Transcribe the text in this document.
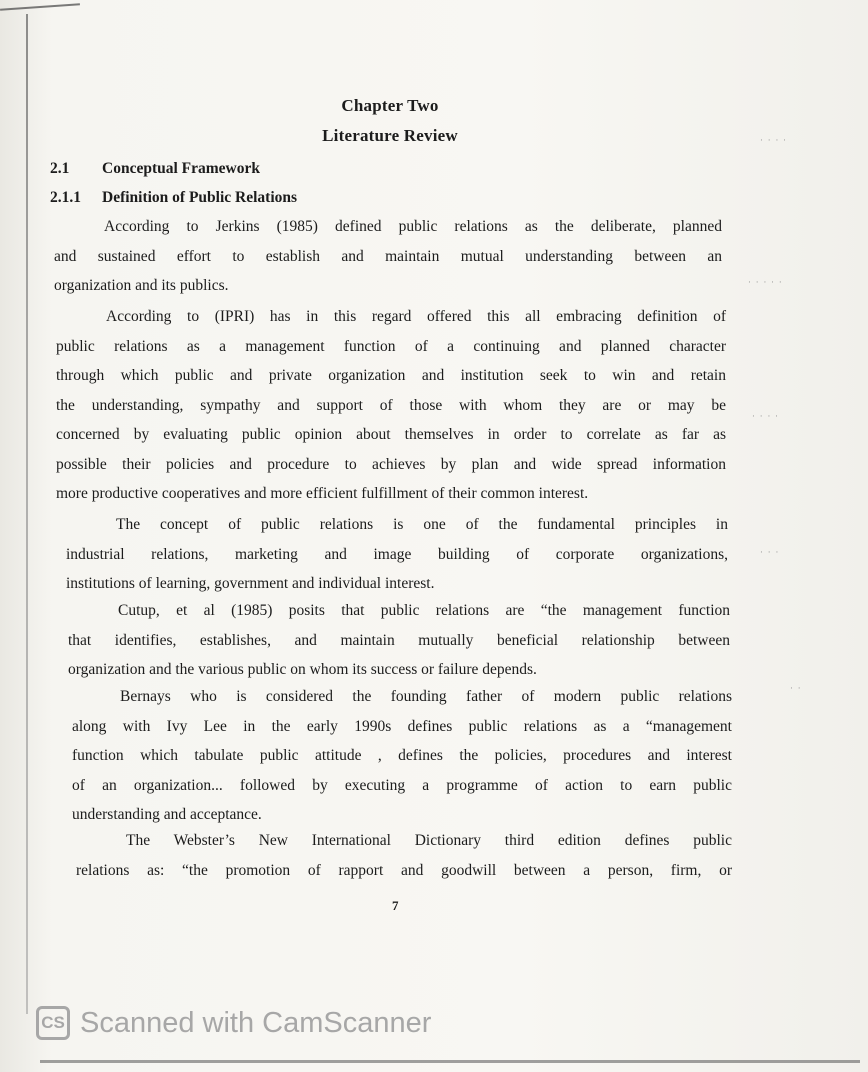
Chapter Two
Literature Review
2.1 Conceptual Framework
2.1.1 Definition of Public Relations
According to Jerkins (1985) defined public relations as the deliberate, planned
and sustained effort to establish and maintain mutual understanding between an
organization and its publics.
According to (IPRI) has in this regard offered this all embracing definition of
public relations as a management function of a continuing and planned character
through which public and private organization and institution seek to win and retain
the understanding, sympathy and support of those with whom they are or may be
concerned by evaluating public opinion about themselves in order to correlate as far as
possible their policies and procedure to achieves by plan and wide spread information
more productive cooperatives and more efficient fulfillment of their common interest.
The concept of public relations is one of the fundamental principles in
industrial relations, marketing and image building of corporate organizations,
institutions of learning, government and individual interest.
Cutup, et al (1985) posits that public relations are “the management function
that identifies, establishes, and maintain mutually beneficial relationship between
organization and the various public on whom its success or failure depends.
Bernays who is considered the founding father of modern public relations
along with Ivy Lee in the early 1990s defines public relations as a “management
function which tabulate public attitude , defines the policies, procedures and interest
of an organization... followed by executing a programme of action to earn public
understanding and acceptance.
The Webster’s New International Dictionary third edition defines public
relations as: “the promotion of rapport and goodwill between a person, firm, or
7
· · · ·
· · · · ·
· · · ·
· · ·
· ·
CS Scanned with CamScanner
